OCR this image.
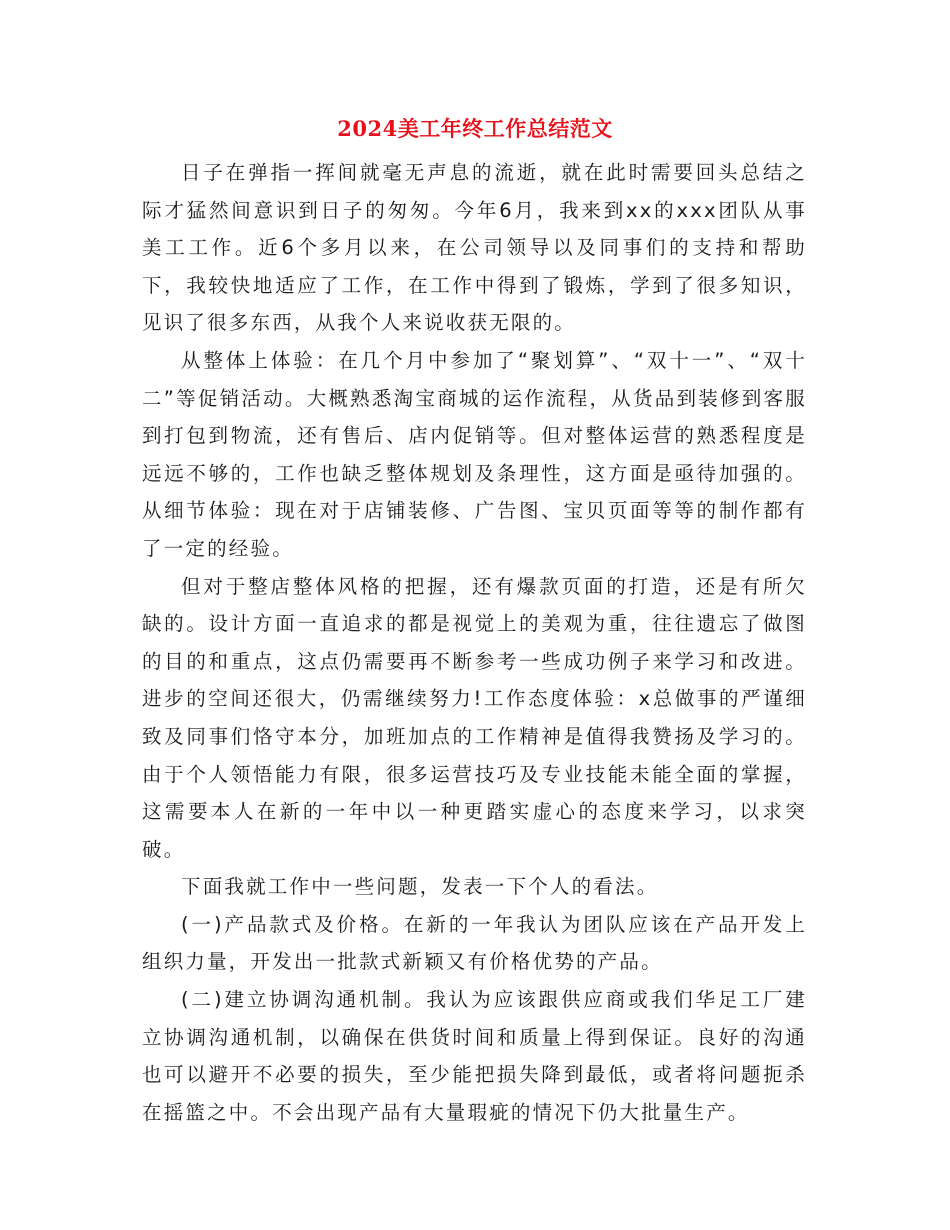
2024美工年终工作总结范文

日子在弹指一挥间就毫无声息的流逝，就在此时需要回头总结之际才猛然间意识到日子的匆匆。今年6月，我来到xx的xxx团队从事美工工作。近6个多月以来，在公司领导以及同事们的支持和帮助下，我较快地适应了工作，在工作中得到了锻炼，学到了很多知识，见识了很多东西，从我个人来说收获无限的。

从整体上体验：在几个月中参加了“聚划算”、“双十一”、“双十二”等促销活动。大概熟悉淘宝商城的运作流程，从货品到装修到客服到打包到物流，还有售后、店内促销等。但对整体运营的熟悉程度是远远不够的，工作也缺乏整体规划及条理性，这方面是亟待加强的。从细节体验：现在对于店铺装修、广告图、宝贝页面等等的制作都有了一定的经验。

但对于整店整体风格的把握，还有爆款页面的打造，还是有所欠缺的。设计方面一直追求的都是视觉上的美观为重，往往遗忘了做图的目的和重点，这点仍需要再不断参考一些成功例子来学习和改进。进步的空间还很大，仍需继续努力!工作态度体验：x总做事的严谨细致及同事们恪守本分，加班加点的工作精神是值得我赞扬及学习的。由于个人领悟能力有限，很多运营技巧及专业技能未能全面的掌握，这需要本人在新的一年中以一种更踏实虚心的态度来学习，以求突破。

下面我就工作中一些问题，发表一下个人的看法。

(一)产品款式及价格。在新的一年我认为团队应该在产品开发上组织力量，开发出一批款式新颖又有价格优势的产品。

(二)建立协调沟通机制。我认为应该跟供应商或我们华足工厂建立协调沟通机制，以确保在供货时间和质量上得到保证。良好的沟通也可以避开不必要的损失，至少能把损失降到最低，或者将问题扼杀在摇篮之中。不会出现产品有大量瑕疵的情况下仍大批量生产。
